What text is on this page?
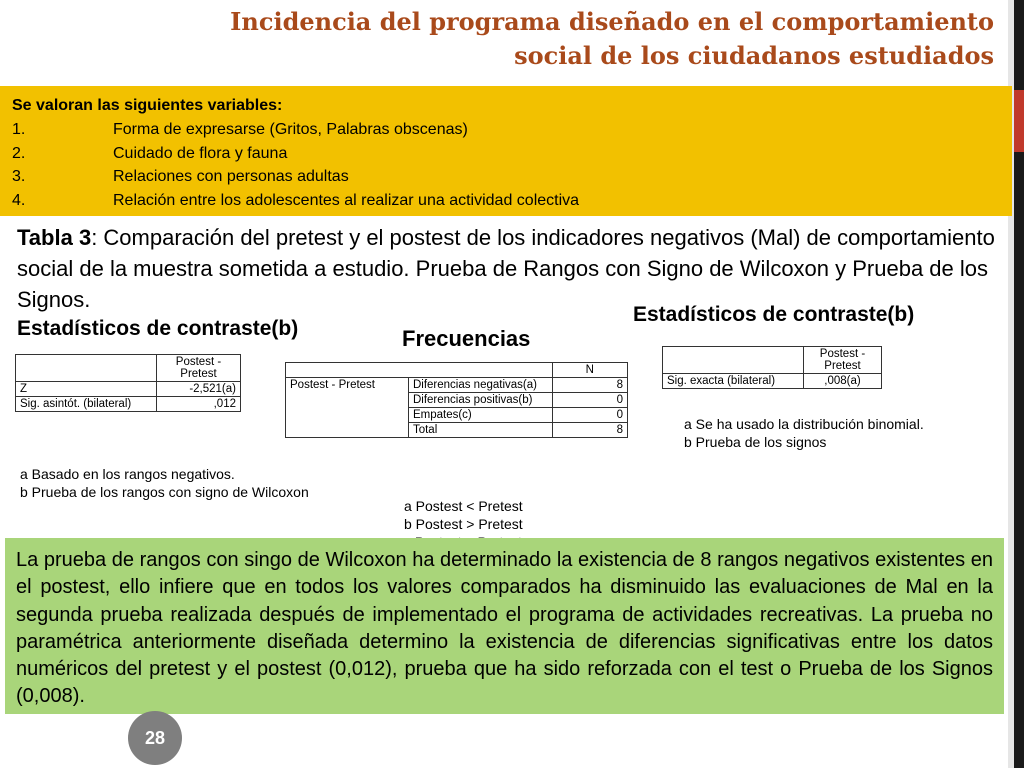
Incidencia del programa diseñado en el comportamiento
social de los ciudadanos estudiados
Se valoran las siguientes variables:
1.	Forma de expresarse (Gritos, Palabras obscenas)
2.	Cuidado de flora y fauna
3.	Relaciones con personas adultas
4.	Relación entre los adolescentes al realizar una actividad colectiva
Tabla 3: Comparación del pretest y el postest de los indicadores negativos (Mal) de comportamiento social de la muestra sometida a estudio. Prueba de Rangos con Signo de Wilcoxon y Prueba de los Signos.
Estadísticos de contraste(b)	Frecuencias
Estadísticos de contraste(b)
	Postest - Pretest
Z	-2,521(a)
Sig. asintót. (bilateral)	,012
		N
Postest - Pretest	Diferencias negativas(a)	8
	Diferencias positivas(b)	0
	Empates(c)	0
	Total	8
	Postest - Pretest
Sig. exacta (bilateral)	,008(a)
a Basado en los rangos negativos.
b Prueba de los rangos con signo de Wilcoxon
a Postest < Pretest
b Postest > Pretest
a Se ha usado la distribución binomial.
b Prueba de los signos
La prueba de rangos con singo de Wilcoxon ha determinado la existencia de 8 rangos negativos existentes en el postest, ello infiere que en todos los valores comparados ha disminuido las evaluaciones de Mal en la segunda prueba realizada después de implementado el programa de actividades recreativas. La prueba no paramétrica anteriormente diseñada determino la existencia de diferencias significativas entre los datos numéricos del pretest y el postest (0,012), prueba que ha sido reforzada con el test o Prueba de los Signos (0,008).
28
